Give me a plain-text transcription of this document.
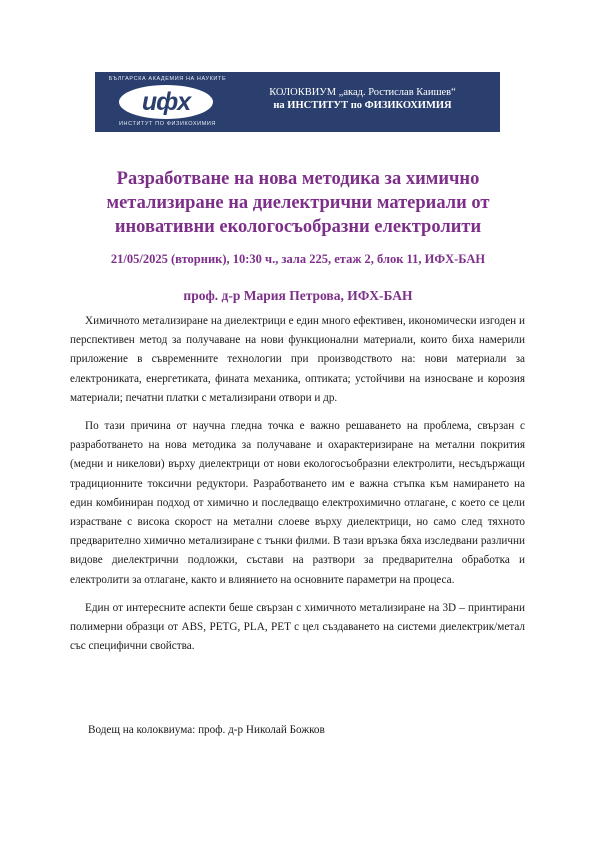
БЪЛГАРСКА АКАДЕМИЯ НА НАУКИТЕ
ифх
ИНСТИТУТ ПО ФИЗИКОХИМИЯ
КОЛОКВИУМ „акад. Ростислав Каишев“
на ИНСТИТУТ по ФИЗИКОХИМИЯ
Разработване на нова методика за химично
метализиране на диелектрични материали от
иновативни екологосъобразни електролити
21/05/2025 (вторник), 10:30 ч., зала 225, етаж 2, блок 11, ИФХ-БАН
проф. д-р Мария Петрова, ИФХ-БАН

Химичното метализиране на диелектрици е един много ефективен, икономически изгоден и перспективен метод за получаване на нови функционални материали, които биха намерили приложение в съвременните технологии при производството на: нови материали за електрониката, енергетиката, фината механика, оптиката; устойчиви на износване и корозия материали; печатни платки с метализирани отвори и др.

По тази причина от научна гледна точка е важно решаването на проблема, свързан с разработването на нова методика за получаване и охарактеризиране на метални покрития (медни и никелови) върху диелектрици от нови екологосъобразни електролити, несъдържащи традиционните токсични редуктори. Разработването им е важна стъпка към намирането на един комбиниран подход от химично и последващо електрохимично отлагане, с което се цели израстване с висока скорост на метални слоеве върху диелектрици, но само след тяхното предварително химично метализиране с тънки филми. В тази връзка бяха изследвани различни видове диелектрични подложки, състави на разтвори за предварителна обработка и електролити за отлагане, както и влиянието на основните параметри на процеса.

Един от интересните аспекти беше свързан с химичното метализиране на 3D – принтирани полимерни образци от ABS, PETG, PLA, PET с цел създаването на системи диелектрик/метал със специфични свойства.

Водещ на колоквиума: проф. д-р Николай Божков
